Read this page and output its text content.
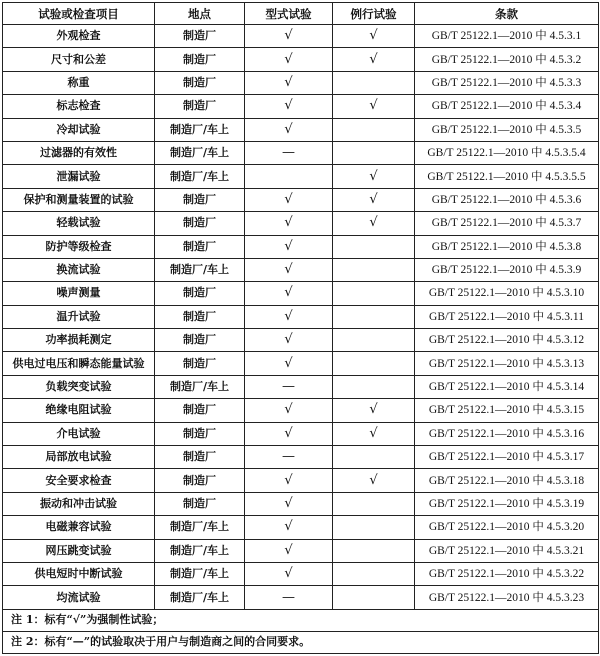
试验或检查项目	地点	型式试验	例行试验	条款
外观检查	制造厂	√	√	GB/T 25122.1—2010 中 4.5.3.1
尺寸和公差	制造厂	√	√	GB/T 25122.1—2010 中 4.5.3.2
称重	制造厂	√		GB/T 25122.1—2010 中 4.5.3.3
标志检查	制造厂	√	√	GB/T 25122.1—2010 中 4.5.3.4
冷却试验	制造厂/车上	√		GB/T 25122.1—2010 中 4.5.3.5
过滤器的有效性	制造厂/车上	—		GB/T 25122.1—2010 中 4.5.3.5.4
泄漏试验	制造厂/车上		√	GB/T 25122.1—2010 中 4.5.3.5.5
保护和测量装置的试验	制造厂	√	√	GB/T 25122.1—2010 中 4.5.3.6
轻载试验	制造厂	√	√	GB/T 25122.1—2010 中 4.5.3.7
防护等级检查	制造厂	√		GB/T 25122.1—2010 中 4.5.3.8
换流试验	制造厂/车上	√		GB/T 25122.1—2010 中 4.5.3.9
噪声测量	制造厂	√		GB/T 25122.1—2010 中 4.5.3.10
温升试验	制造厂	√		GB/T 25122.1—2010 中 4.5.3.11
功率损耗测定	制造厂	√		GB/T 25122.1—2010 中 4.5.3.12
供电过电压和瞬态能量试验	制造厂	√		GB/T 25122.1—2010 中 4.5.3.13
负载突变试验	制造厂/车上	—		GB/T 25122.1—2010 中 4.5.3.14
绝缘电阻试验	制造厂	√	√	GB/T 25122.1—2010 中 4.5.3.15
介电试验	制造厂	√	√	GB/T 25122.1—2010 中 4.5.3.16
局部放电试验	制造厂	—		GB/T 25122.1—2010 中 4.5.3.17
安全要求检查	制造厂	√	√	GB/T 25122.1—2010 中 4.5.3.18
振动和冲击试验	制造厂	√		GB/T 25122.1—2010 中 4.5.3.19
电磁兼容试验	制造厂/车上	√		GB/T 25122.1—2010 中 4.5.3.20
网压跳变试验	制造厂/车上	√		GB/T 25122.1—2010 中 4.5.3.21
供电短时中断试验	制造厂/车上	√		GB/T 25122.1—2010 中 4.5.3.22
均流试验	制造厂/车上	—		GB/T 25122.1—2010 中 4.5.3.23
注 1：标有“√”为强制性试验；				
注 2：标有“—”的试验取决于用户与制造商之间的合同要求。				
